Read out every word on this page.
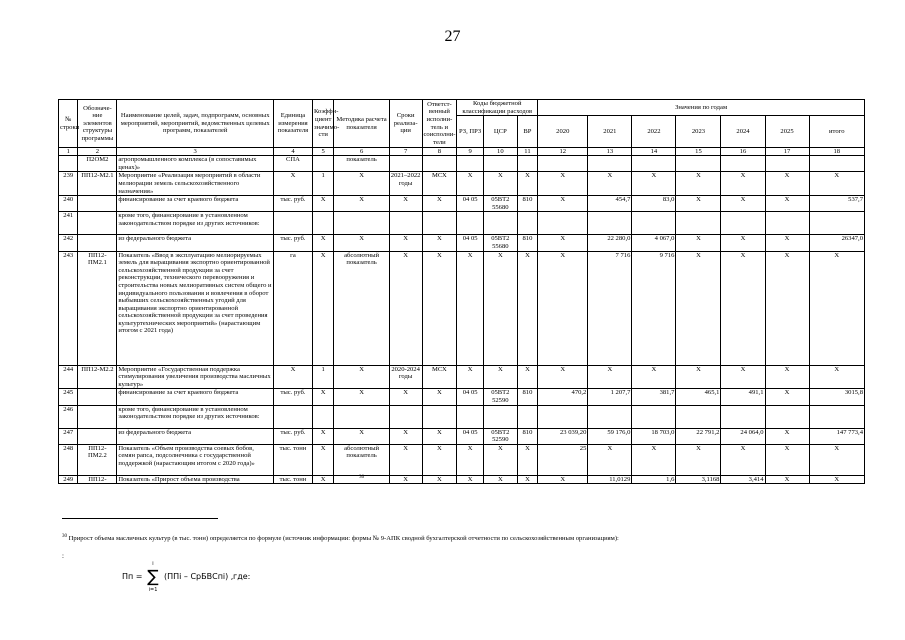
27
№ строки	Обозначение элементов структуры программы	Наименование целей, задач, подпрограмм, основных мероприятий, мероприятий, ведомственных целевых программ, показателей	Единица измерения показателя	Коэффициент значимости	Методика расчета показателя	Сроки реализации	Ответственный исполнитель и соисполнители	Коды бюджетной классификации расходов			Значения по годам						
								РЗ, ПРЗ	ЦСР	ВР	2020	2021	2022	2023	2024	2025	итого
1	2	3	4	5	6	7	8	9	10	11	12	13	14	15	16	17	18
	П2ОМ2	агропромышленного комплекса (в сопоставимых ценах)»	СПА		показатель												
239	ПП12-М2.1	Мероприятие «Реализация мероприятий в области мелиорации земель сельскохозяйственного назначения»	X	1	X	2021–2022 годы	МСХ	X	X	X	X	X	X	X	X	X	X
240		финансирование за счет краевого бюджета	тыс. руб.	X	X	X	X	04 05	05ВТ2 55680	810	X	454,7	83,0	X	X	X	537,7
241		кроме того, финансирование в установленном законодательством порядке из других источников:															
242		из федерального бюджета	тыс. руб.	X	X	X	X	04 05	05ВТ2 55680	810	X	22 280,0	4 067,0	X	X	X	26347,0
243	ПП12-ПМ2.1	Показатель «Ввод в эксплуатацию мелиорируемых земель для выращивания экспортно ориентированной сельскохозяйственной продукции за счет реконструкции, технического перевооружения и строительства новых мелиоративных систем общего и индивидуального пользования и вовлечения в оборот выбывших сельскохозяйственных угодий для выращивания экспортно ориентированной сельскохозяйственной продукции за счет проведения культуртехнических мероприятий» (нарастающим итогом с 2021 года)	га	X	абсолютный показатель	X	X	X	X	X	X	7 716	9 716	X	X	X	X
244	ПП12-М2.2	Мероприятие «Государственная поддержка стимулирования увеличения производства масличных культур»	X	1	X	2020-2024 годы	МСХ	X	X	X	X	X	X	X	X	X	X
245		финансирование за счет краевого бюджета	тыс. руб.	X	X	X	X	04 05	05ВТ2 52590	810	470,2	1 207,7	381,7	465,1	491,1	X	3015,8
246		кроме того, финансирование в установленном законодательством порядке из других источников:															
247		из федерального бюджета	тыс. руб.	X	X	X	X	04 05	05ВТ2 52590	810	23 039,20	59 176,0	18 703,0	22 791,2	24 064,0	X	147 773,4
248	ПП12-ПМ2.2	Показатель «Объем производства соевых бобов, семян рапса, подсолнечника с государственной поддержкой (нарастающим итогом с 2020 года)»	тыс. тонн	X	абсолютный показатель	X	X	X	X	X	25	X	X	X	X	X	X
249	ПП12-	Показатель «Прирост объема производства	тыс. тонн	X	$^{30}$	X	X	X	X	X	X	11,0129	1,6	3,1168	3,414	X	X
$^{30}$ Прирост объема масличных культур (в тыс. тонн) определяется по формуле (источник информации: формы № 9-АПК сводной бухгалтерской отчетности по сельскохозяйственным организациям):
:
Пп =
i
∑
i=1
(ППi – СрБВСпi) , где:
